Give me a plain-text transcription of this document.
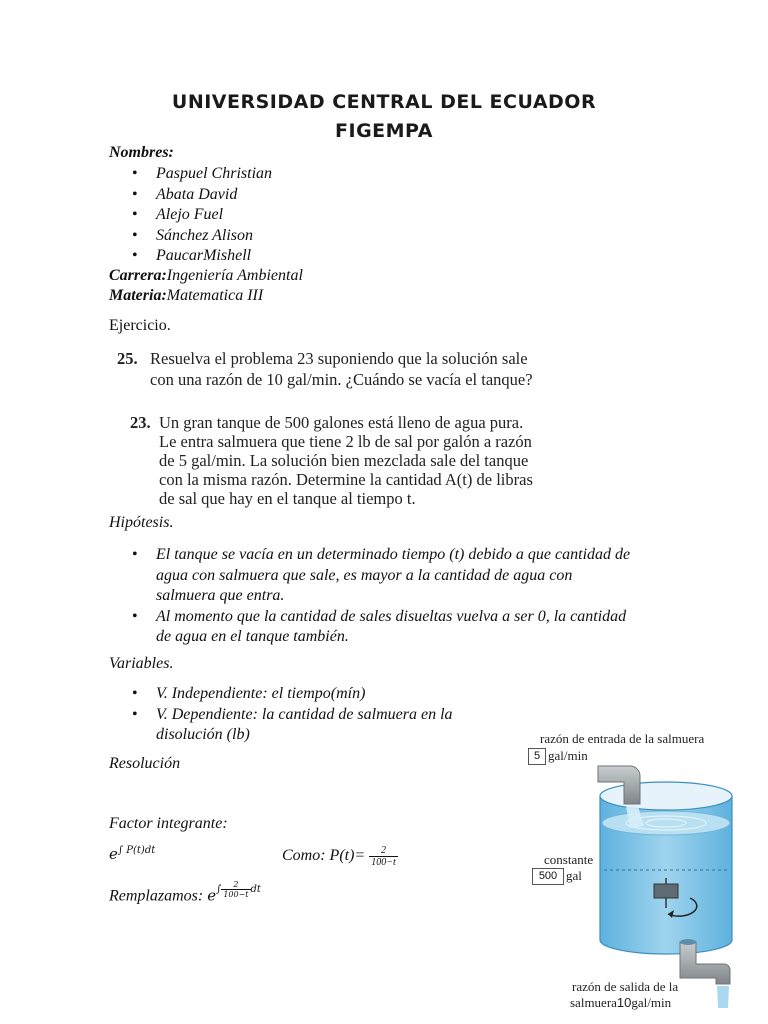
UNIVERSIDAD CENTRAL DEL ECUADOR
FIGEMPA
Nombres:
• Paspuel Christian
• Abata David
• Alejo Fuel
• Sánchez Alison
• PaucarMishell
Carrera:Ingeniería Ambiental
Materia:Matematica III
Ejercicio.
25. Resuelva el problema 23 suponiendo que la solución sale
con una razón de 10 gal/min. ¿Cuándo se vacía el tanque?
23. Un gran tanque de 500 galones está lleno de agua pura.
Le entra salmuera que tiene 2 lb de sal por galón a razón
de 5 gal/min. La solución bien mezclada sale del tanque
con la misma razón. Determine la cantidad A(t) de libras
de sal que hay en el tanque al tiempo t.
Hipótesis.
• El tanque se vacía en un determinado tiempo (t) debido a que cantidad de
agua con salmuera que sale, es mayor a la cantidad de agua con
salmuera que entra.
• Al momento que la cantidad de sales disueltas vuelva a ser 0, la cantidad
de agua en el tanque también.
Variables.
• V. Independiente: el tiempo(mín)
• V. Dependiente: la cantidad de salmuera en la
disolución (lb)
Resolución
Factor integrante:
$e^{\int P(t)dt}$	Como: $P(t)= \frac{2}{100-t}$
Remplazamos: $e^{\int \frac{2}{100-t} dt}$
razón de entrada de la salmuera
5 gal/min
constante
500 gal
razón de salida de la
salmuera10gal/min
